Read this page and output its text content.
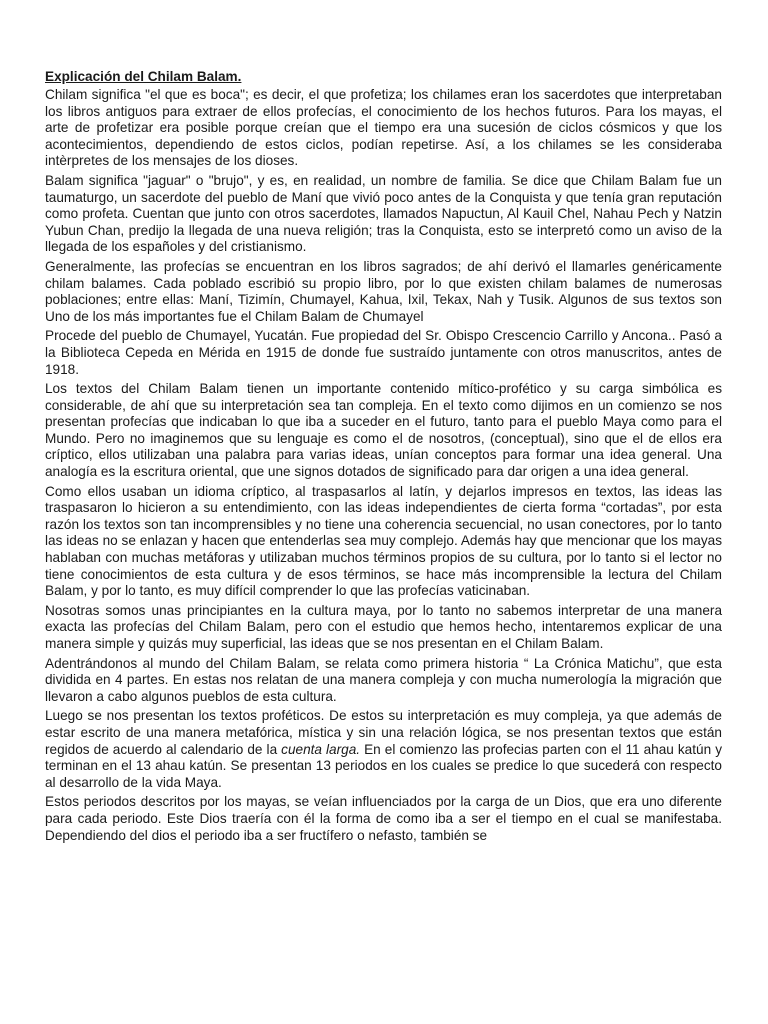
Explicación del Chilam Balam.

Chilam significa "el que es boca"; es decir, el que profetiza; los chilames eran los sacerdotes que interpretaban los libros antiguos para extraer de ellos profecías, el conocimiento de los hechos futuros. Para los mayas, el arte de profetizar era posible porque creían que el tiempo era una sucesión de ciclos cósmicos y que los acontecimientos, dependiendo de estos ciclos, podían repetirse. Así, a los chilames se les consideraba intèrpretes de los mensajes de los dioses.

Balam significa "jaguar" o "brujo", y es, en realidad, un nombre de familia. Se dice que Chilam Balam fue un taumaturgo, un sacerdote del pueblo de Maní que vivió poco antes de la Conquista y que tenía gran reputación como profeta. Cuentan que junto con otros sacerdotes, llamados Napuctun, Al Kauil Chel, Nahau Pech y Natzin Yubun Chan, predijo la llegada de una nueva religión; tras la Conquista, esto se interpretó como un aviso de la llegada de los españoles y del cristianismo.

Generalmente, las profecías se encuentran en los libros sagrados; de ahí derivó el llamarles genéricamente chilam balames. Cada poblado escribió su propio libro, por lo que existen chilam balames de numerosas poblaciones; entre ellas: Maní, Tizimín, Chumayel, Kahua, Ixil, Tekax, Nah y Tusik. Algunos de sus textos son Uno de los más importantes fue el Chilam Balam de Chumayel

Procede del pueblo de Chumayel, Yucatán. Fue propiedad del Sr. Obispo Crescencio Carrillo y Ancona.. Pasó a la Biblioteca Cepeda en Mérida en 1915 de donde fue sustraído juntamente con otros manuscritos, antes de 1918.

Los textos del Chilam Balam tienen un importante contenido mítico-profético y su carga simbólica es considerable, de ahí que su interpretación sea tan compleja. En el texto como dijimos en un comienzo se nos presentan profecías que indicaban lo que iba a suceder en el futuro, tanto para el pueblo Maya como para el Mundo. Pero no imaginemos que su lenguaje es como el de nosotros, (conceptual), sino que el de ellos era críptico, ellos utilizaban una palabra para varias ideas, unían conceptos para formar una idea general. Una analogía es la escritura oriental, que une signos dotados de significado para dar origen a una idea general.

Como ellos usaban un idioma críptico, al traspasarlos al latín, y dejarlos impresos en textos, las ideas las traspasaron lo hicieron a su entendimiento, con las ideas independientes de cierta forma “cortadas”, por esta razón los textos son tan incomprensibles y no tiene una coherencia secuencial, no usan conectores, por lo tanto las ideas no se enlazan y hacen que entenderlas sea muy complejo. Además hay que mencionar que los mayas hablaban con muchas metáforas y utilizaban muchos términos propios de su cultura, por lo tanto si el lector no tiene conocimientos de esta cultura y de esos términos, se hace más incomprensible la lectura del Chilam Balam, y por lo tanto, es muy difícil comprender lo que las profecías vaticinaban.

Nosotras somos unas principiantes en la cultura maya, por lo tanto no sabemos interpretar de una manera exacta las profecías del Chilam Balam, pero con el estudio que hemos hecho, intentaremos explicar de una manera simple y quizás muy superficial, las ideas que se nos presentan en el Chilam Balam.

Adentrándonos al mundo del Chilam Balam, se relata como primera historia “ La Crónica Matichu”, que esta dividida en 4 partes. En estas nos relatan de una manera compleja y con mucha numerología la migración que llevaron a cabo algunos pueblos de esta cultura.

Luego se nos presentan los textos proféticos. De estos su interpretación es muy compleja, ya que además de estar escrito de una manera metafórica, mística y sin una relación lógica, se nos presentan textos que están regidos de acuerdo al calendario de la cuenta larga. En el comienzo las profecias parten con el 11 ahau katún y terminan en el 13 ahau katún. Se presentan 13 periodos en los cuales se predice lo que sucederá con respecto al desarrollo de la vida Maya.

Estos periodos descritos por los mayas, se veían influenciados por la carga de un Dios, que era uno diferente para cada periodo. Este Dios traería con él la forma de como iba a ser el tiempo en el cual se manifestaba. Dependiendo del dios el periodo iba a ser fructífero o nefasto, también se
